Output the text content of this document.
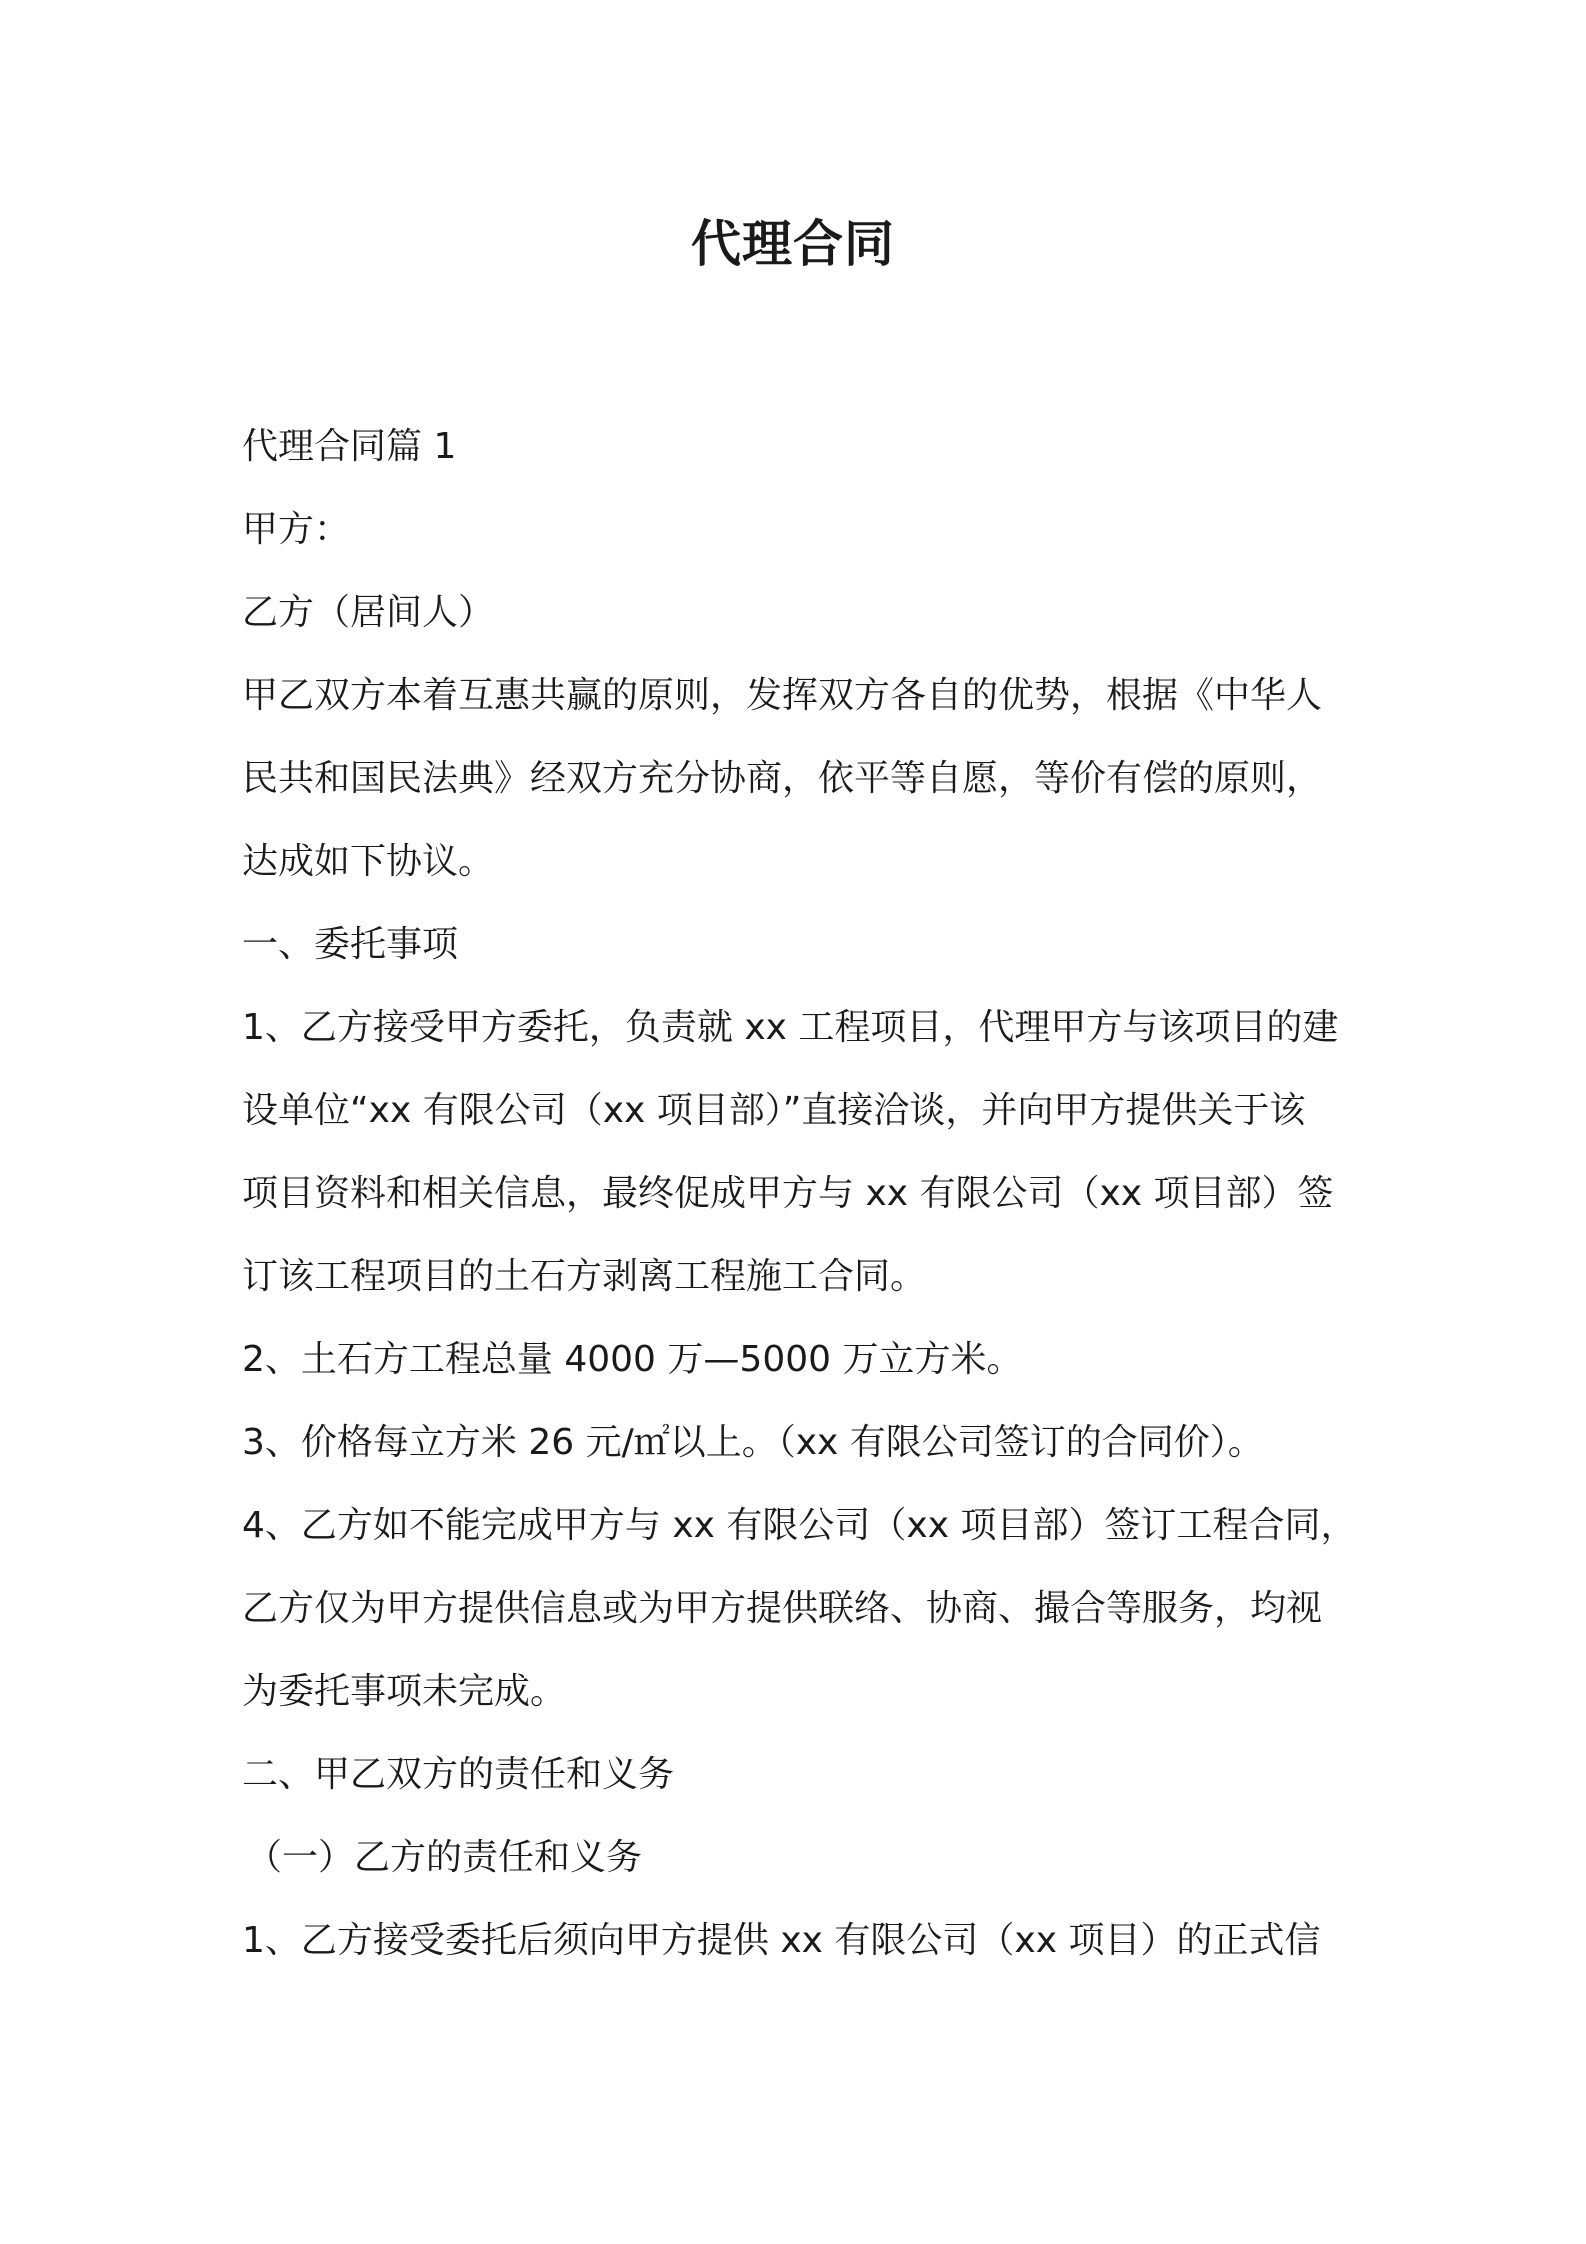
代理合同
代理合同篇 1
甲方：
乙方（居间人）
甲乙双方本着互惠共赢的原则，发挥双方各自的优势，根据《中华人
民共和国民法典》经双方充分协商，依平等自愿，等价有偿的原则，
达成如下协议。
一、委托事项
1、乙方接受甲方委托，负责就 xx 工程项目，代理甲方与该项目的建
设单位“xx 有限公司（xx 项目部）”直接洽谈，并向甲方提供关于该
项目资料和相关信息，最终促成甲方与 xx 有限公司（xx 项目部）签
订该工程项目的土石方剥离工程施工合同。
2、土石方工程总量 4000 万—5000 万立方米。
3、价格每立方米 26 元/㎡以上。（xx 有限公司签订的合同价）。
4、乙方如不能完成甲方与 xx 有限公司（xx 项目部）签订工程合同，
乙方仅为甲方提供信息或为甲方提供联络、协商、撮合等服务，均视
为委托事项未完成。
二、甲乙双方的责任和义务
（一）乙方的责任和义务
1、乙方接受委托后须向甲方提供 xx 有限公司（xx 项目）的正式信
